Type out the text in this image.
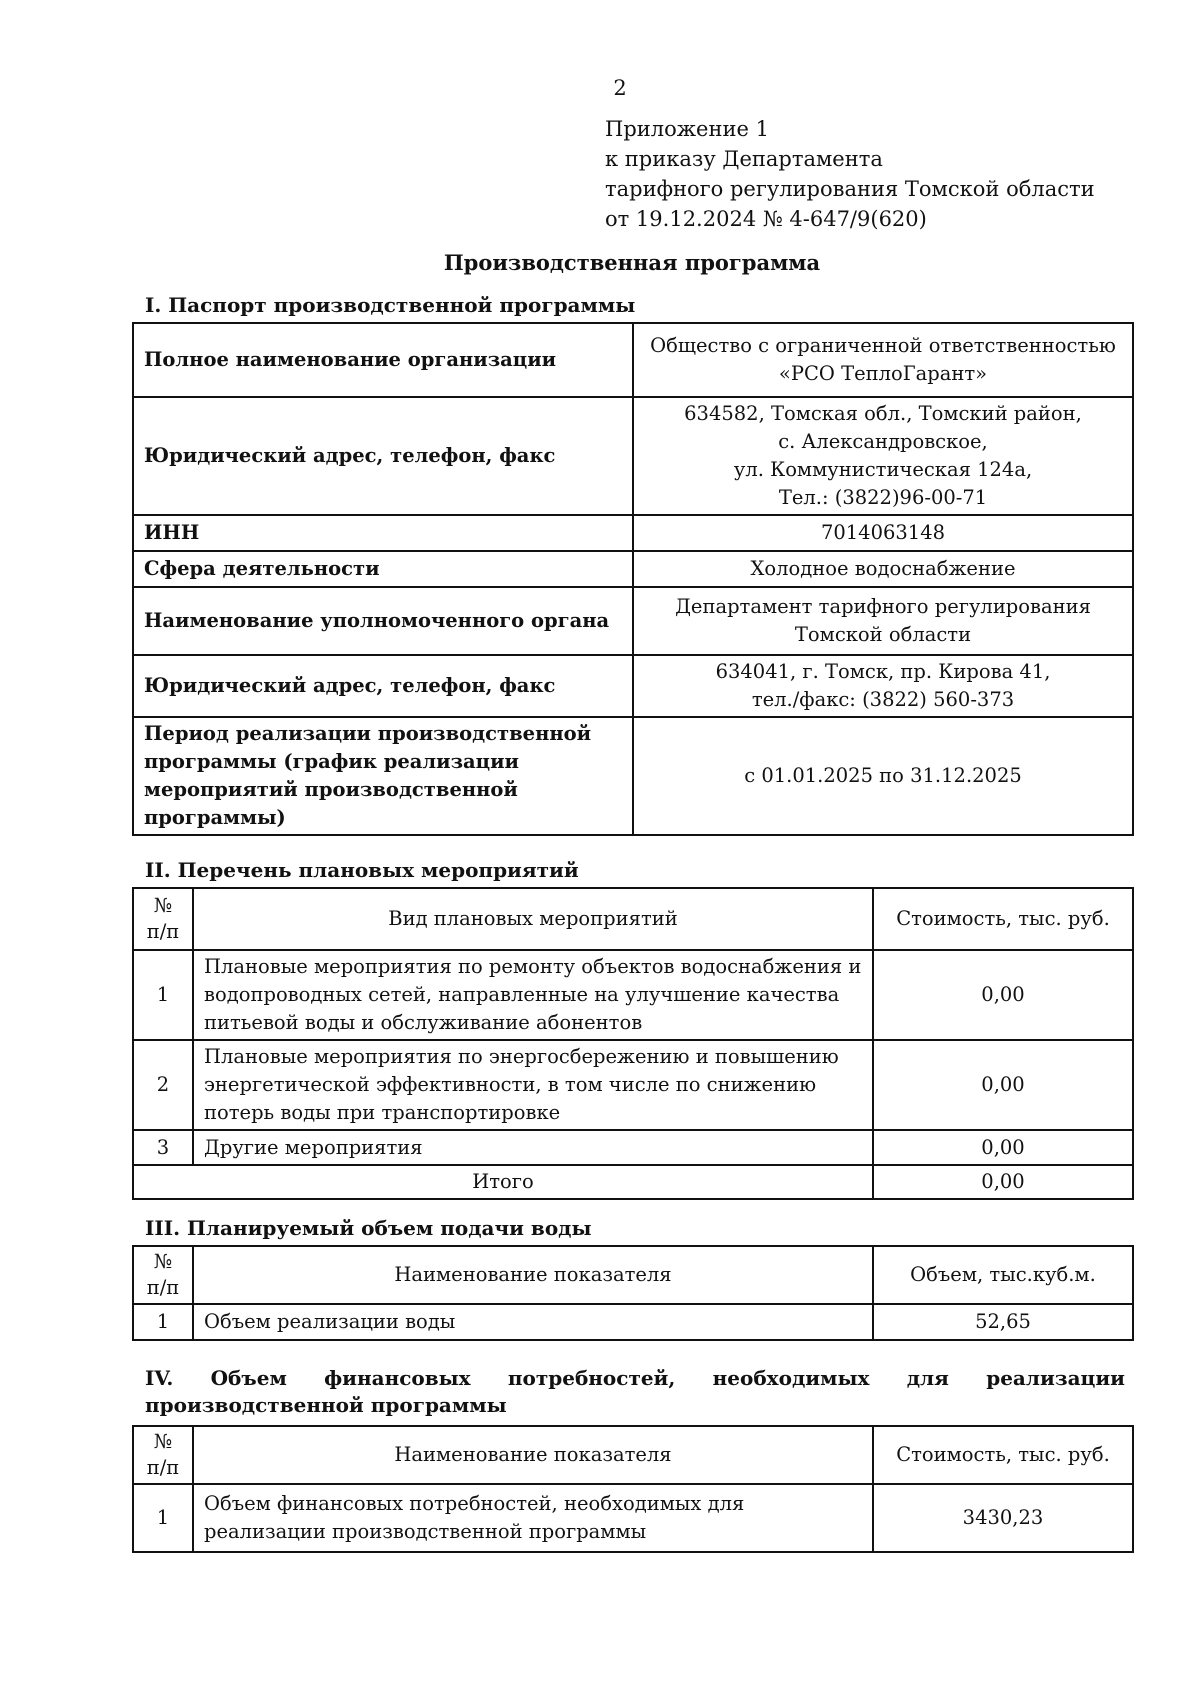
2
Приложение 1
к приказу Департамента
тарифного регулирования Томской области
от 19.12.2024 № 4-647/9(620)
Производственная программа
I. Паспорт производственной программы
Полное наименование организации	Общество с ограниченной ответственностью
«РСО ТеплоГарант»

Юридический адрес, телефон, факс	634582, Томская обл., Томский район,
с. Александровское,
ул. Коммунистическая 124а,
Тел.: (3822)96-00-71

ИНН	7014063148
Сфера деятельности	Холодное водоснабжение
Наименование уполномоченного органа	Департамент тарифного регулирования
Томской области

Юридический адрес, телефон, факс	634041, г. Томск, пр. Кирова 41,
тел./факс: (3822) 560-373

Период реализации производственной программы (график реализации мероприятий производственной программы)	с 01.01.2025 по 31.12.2025
II. Перечень плановых мероприятий
№
п/п	Вид плановых мероприятий	Стоимость, тыс. руб.
1	Плановые мероприятия по ремонту объектов водоснабжения и водопроводных сетей, направленные на улучшение качества питьевой воды и обслуживание абонентов	0,00
2	Плановые мероприятия по энергосбережению и повышению энергетической эффективности, в том числе по снижению потерь воды при транспортировке	0,00
3	Другие мероприятия	0,00
Итого		0,00
III. Планируемый объем подачи воды
№
п/п	Наименование показателя	Объем, тыс.куб.м.
1	Объем реализации воды	52,65
IV. Объем финансовых потребностей, необходимых для реализации производственной программы
№
п/п	Наименование показателя	Стоимость, тыс. руб.
1	Объем финансовых потребностей, необходимых для реализации производственной программы	3430,23
